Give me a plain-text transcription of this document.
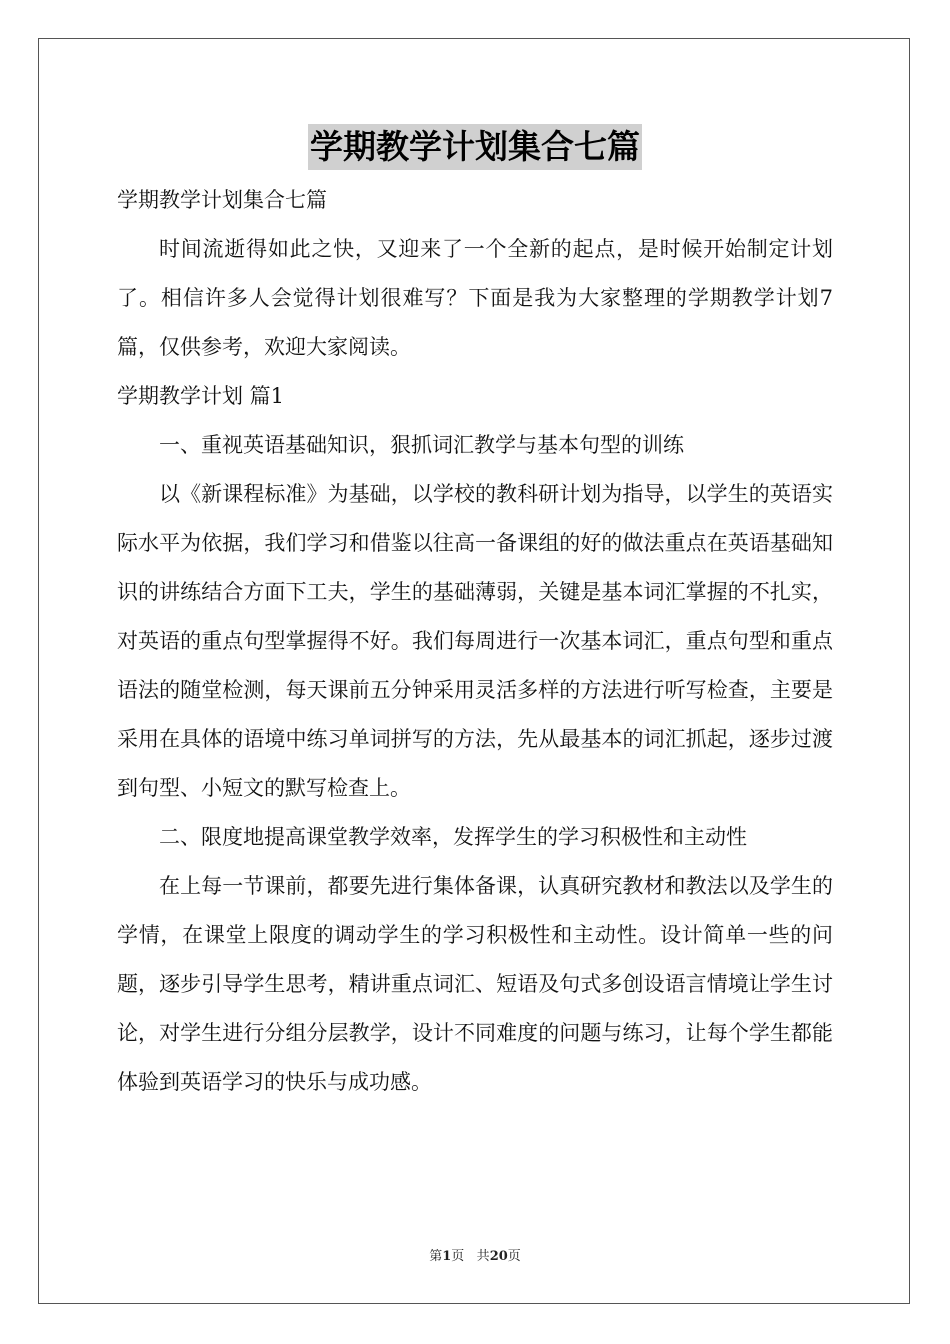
学期教学计划集合七篇

学期教学计划集合七篇

时间流逝得如此之快，又迎来了一个全新的起点，是时候开始制定计划了。相信许多人会觉得计划很难写？下面是我为大家整理的学期教学计划7篇，仅供参考，欢迎大家阅读。

学期教学计划 篇1

一、重视英语基础知识，狠抓词汇教学与基本句型的训练

以《新课程标准》为基础，以学校的教科研计划为指导，以学生的英语实际水平为依据，我们学习和借鉴以往高一备课组的好的做法重点在英语基础知识的讲练结合方面下工夫，学生的基础薄弱，关键是基本词汇掌握的不扎实，对英语的重点句型掌握得不好。我们每周进行一次基本词汇，重点句型和重点语法的随堂检测，每天课前五分钟采用灵活多样的方法进行听写检查，主要是采用在具体的语境中练习单词拼写的方法，先从最基本的词汇抓起，逐步过渡到句型、小短文的默写检查上。

二、限度地提高课堂教学效率，发挥学生的学习积极性和主动性

在上每一节课前，都要先进行集体备课，认真研究教材和教法以及学生的学情，在课堂上限度的调动学生的学习积极性和主动性。设计简单一些的问题，逐步引导学生思考，精讲重点词汇、短语及句式多创设语言情境让学生讨论，对学生进行分组分层教学，设计不同难度的问题与练习，让每个学生都能体验到英语学习的快乐与成功感。

第1页 共20页
